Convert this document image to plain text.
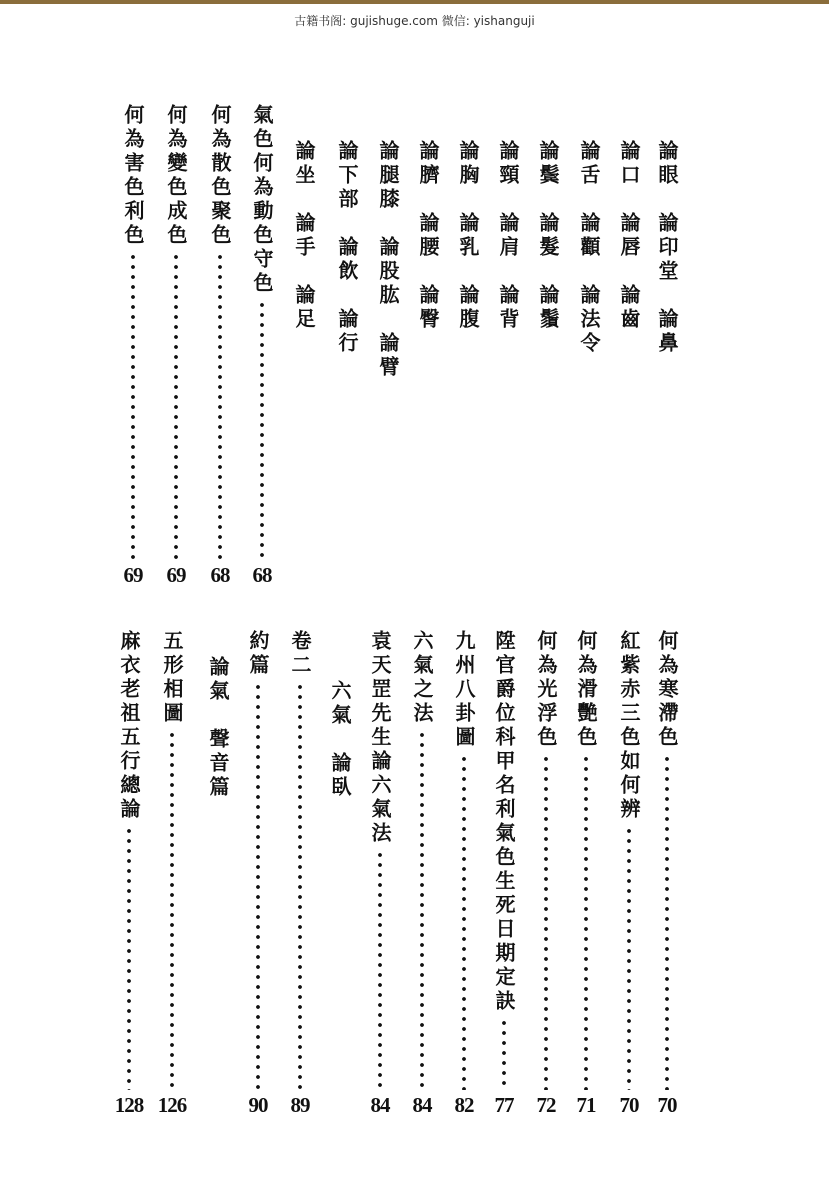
古籍书阁: gujishuge.com 微信: yishanguji
論眼　論印堂　論鼻
論口　論唇　論齒
論舌　論顴　論法令
論鬓　論髮　論鬚
論頸　論肩　論背
論胸　論乳　論腹
論臍　論腰　論臀
論腿膝　論股肱　論臂
論下部　論飲　論行
論坐　論手　論足
氣色何為動色守色
68
何為散色聚色
68
何為變色成色
69
何為害色利色
69
何為寒滯色
70
紅紫赤三色如何辨
70
何為滑艷色
71
何為光浮色
72
陞官爵位科甲名利氣色生死日期定訣
77
九州八卦圖
82
六氣之法
84
袁天罡先生論六氣法
84
六氣　論臥
卷二
89
約篇
90
論氣　聲音篇
五形相圖
126
麻衣老祖五行總論
128
